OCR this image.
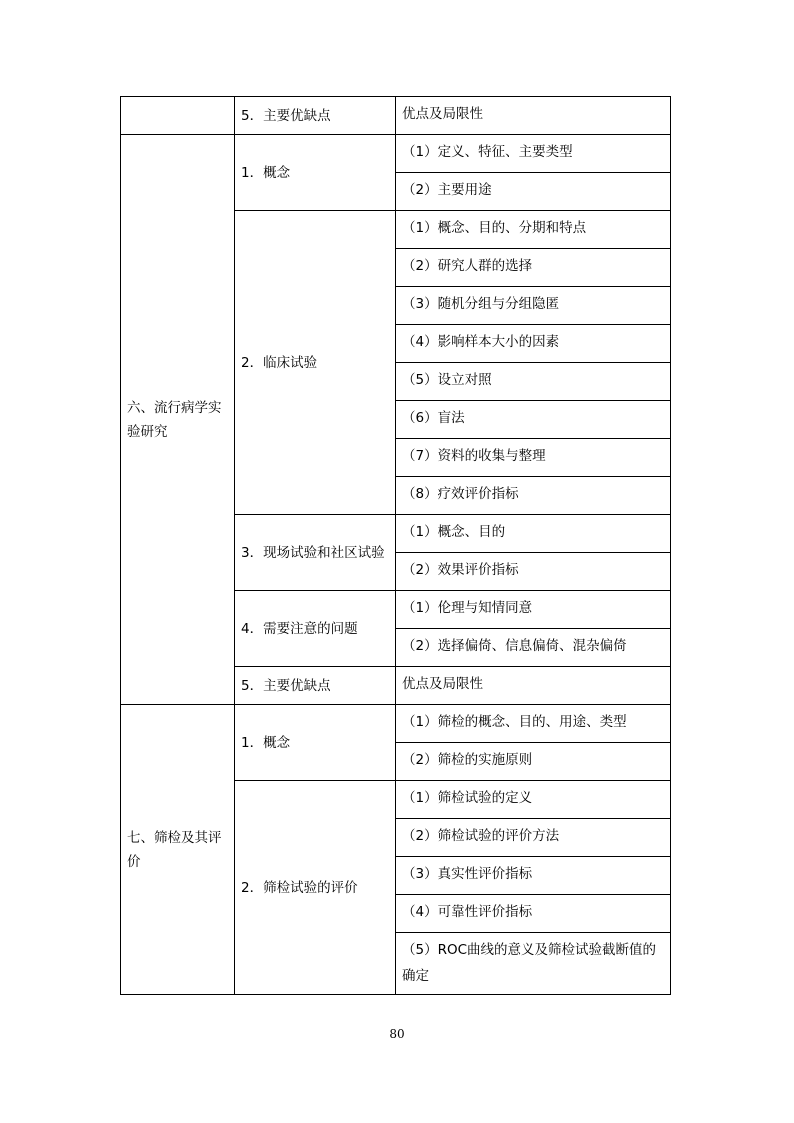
	5．主要优缺点	优点及局限性
六、流行病学实验研究	1．概念	（1）定义、特征、主要类型
		（2）主要用途
	2．临床试验	（1）概念、目的、分期和特点
		（2）研究人群的选择
		（3）随机分组与分组隐匿
		（4）影响样本大小的因素
		（5）设立对照
		（6）盲法
		（7）资料的收集与整理
		（8）疗效评价指标
	3．现场试验和社区试验	（1）概念、目的
		（2）效果评价指标
	4．需要注意的问题	（1）伦理与知情同意
		（2）选择偏倚、信息偏倚、混杂偏倚
	5．主要优缺点	优点及局限性
七、筛检及其评价	1．概念	（1）筛检的概念、目的、用途、类型
		（2）筛检的实施原则
	2．筛检试验的评价	（1）筛检试验的定义
		（2）筛检试验的评价方法
		（3）真实性评价指标
		（4）可靠性评价指标
		（5）ROC曲线的意义及筛检试验截断值的确定
80
